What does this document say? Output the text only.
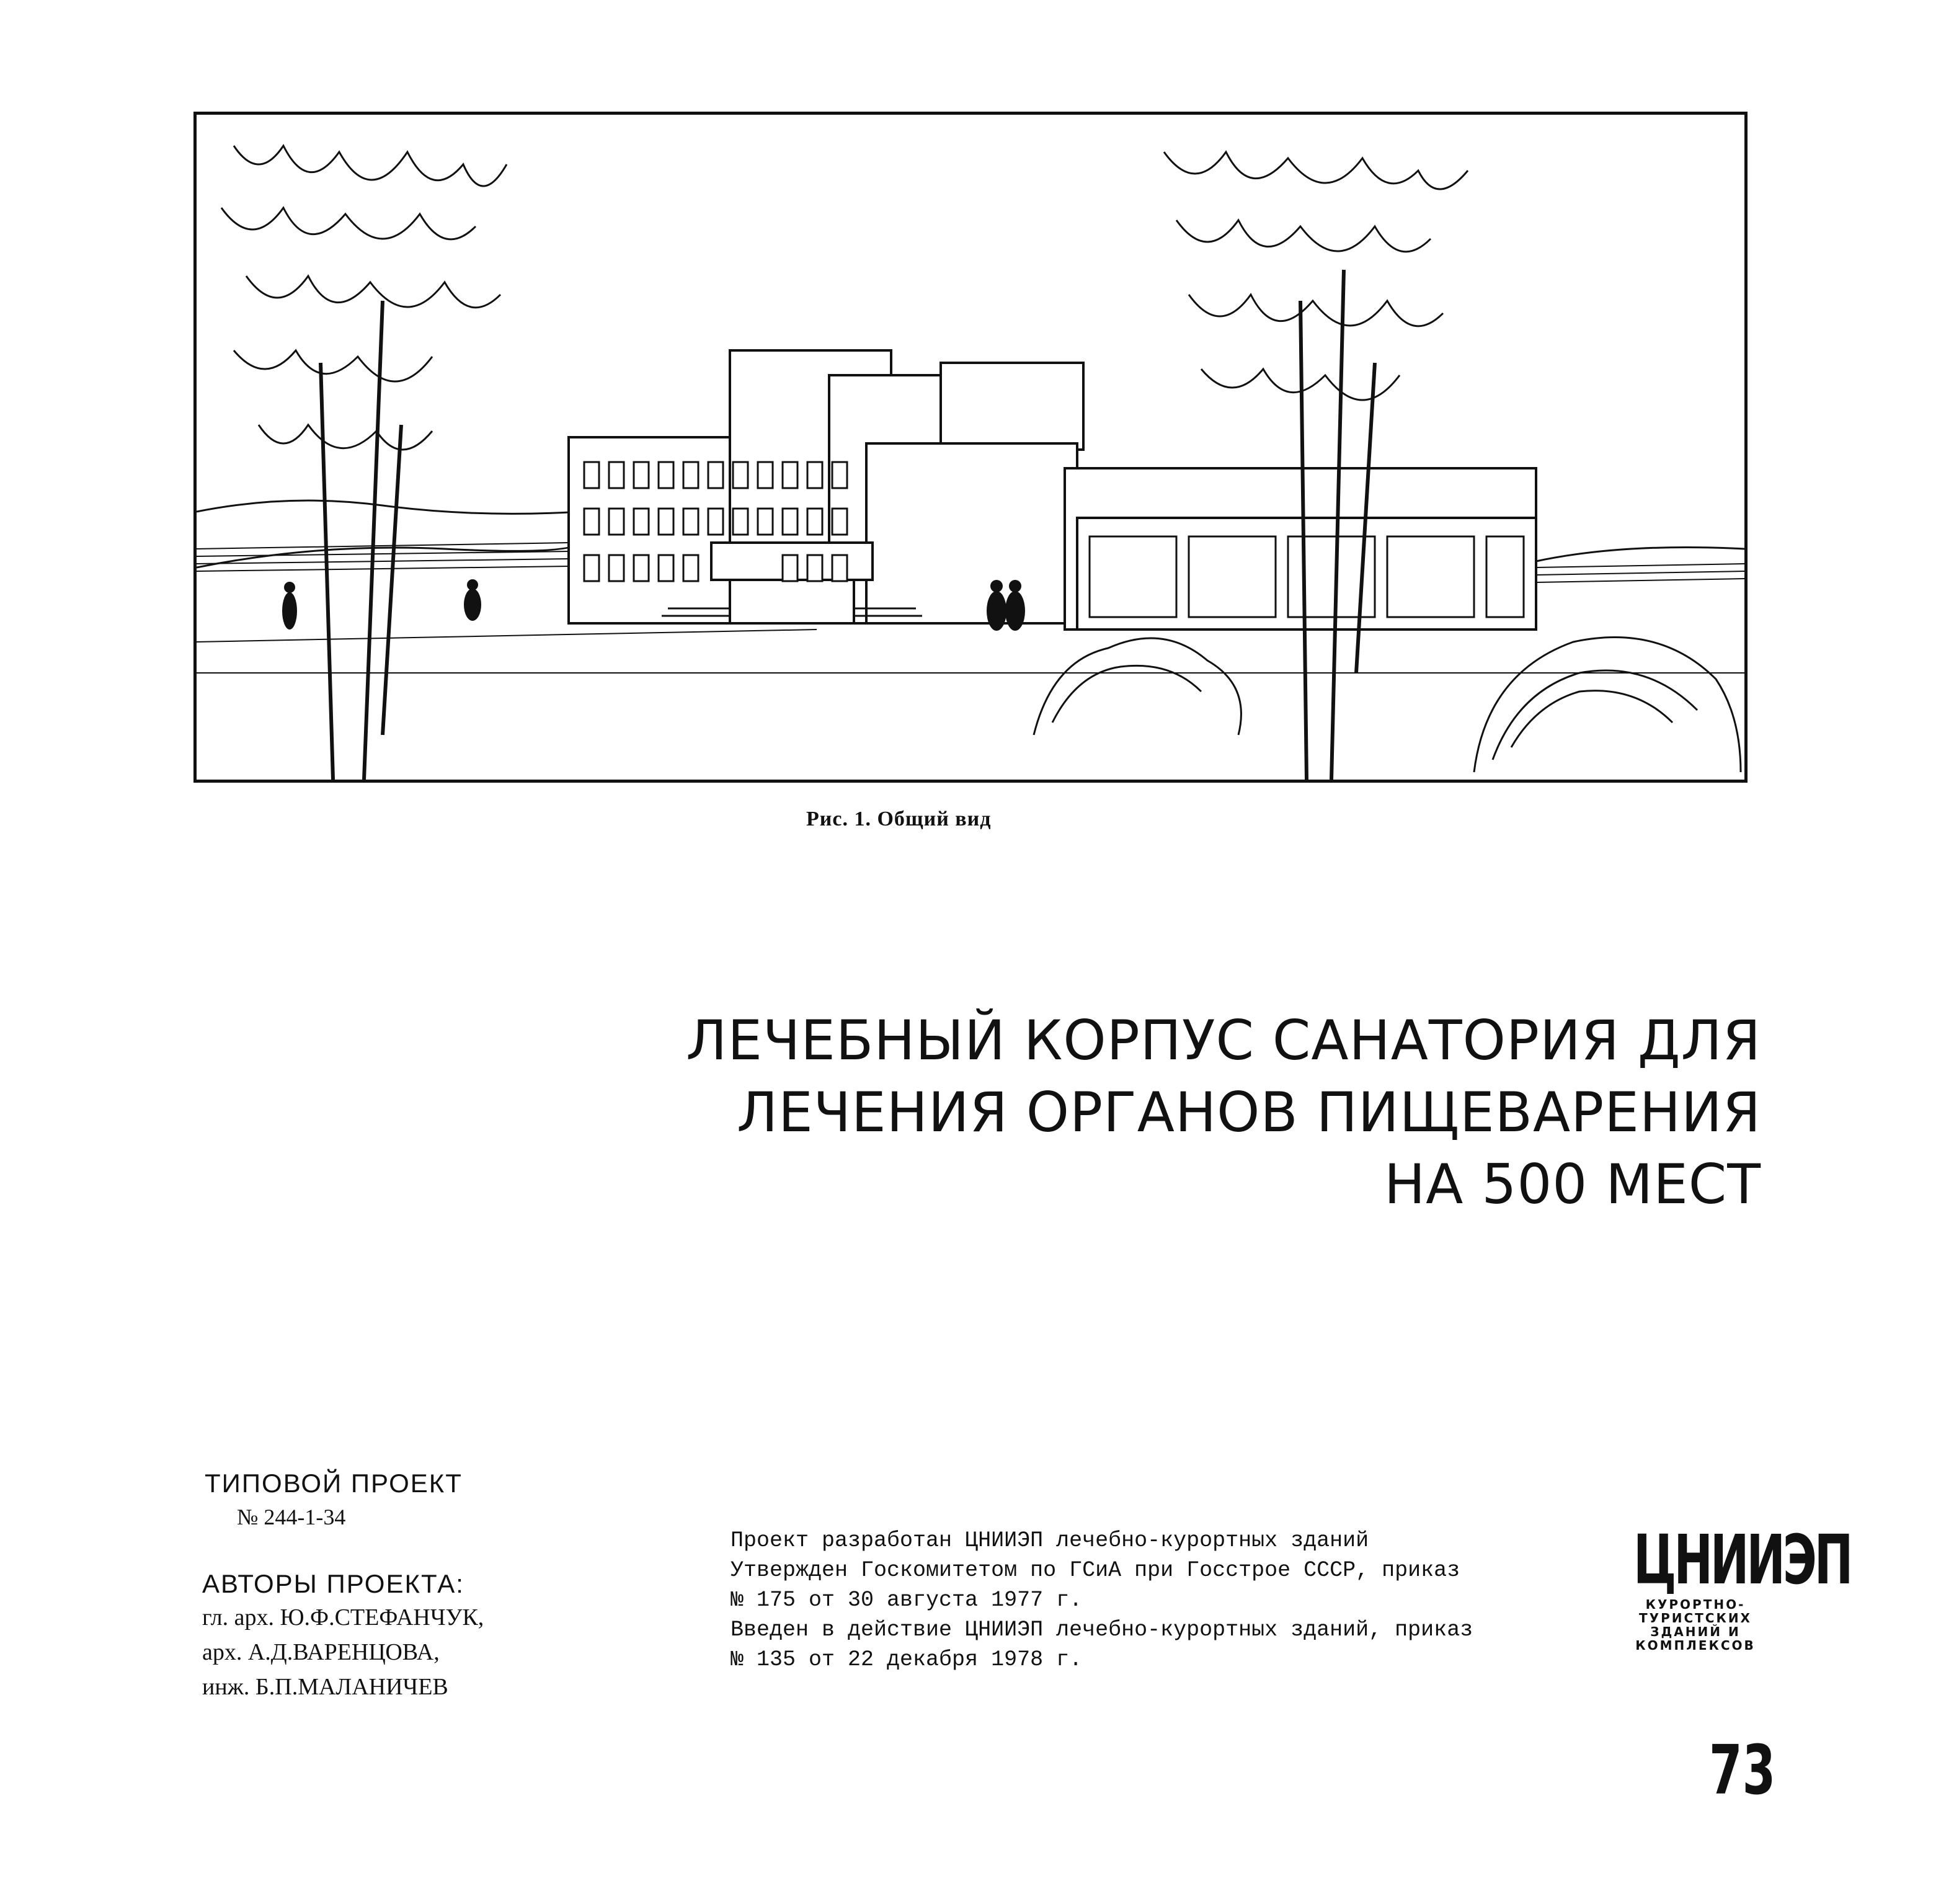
Рис. 1. Общий вид
ЛЕЧЕБНЫЙ КОРПУС САНАТОРИЯ ДЛЯ
ЛЕЧЕНИЯ ОРГАНОВ ПИЩЕВАРЕНИЯ
НА 500 МЕСТ
ТИПОВОЙ ПРОЕКТ
№ 244-1-34
АВТОРЫ ПРОЕКТА:
гл. арх. Ю.Ф.СТЕФАНЧУК,
арх. А.Д.ВАРЕНЦОВА,
инж. Б.П.МАЛАНИЧЕВ
Проект разработан ЦНИИЭП лечебно-курортных зданий
Утвержден Госкомитетом по ГСиА при Госстрое СССР, приказ
№ 175 от 30 августа 1977 г.
Введен в действие ЦНИИЭП лечебно-курортных зданий, приказ
№ 135 от 22 декабря 1978 г.
ЦНИИЭП
КУРОРТНО-
ТУРИСТСКИХ
ЗДАНИЙ И
КОМПЛЕКСОВ
73
